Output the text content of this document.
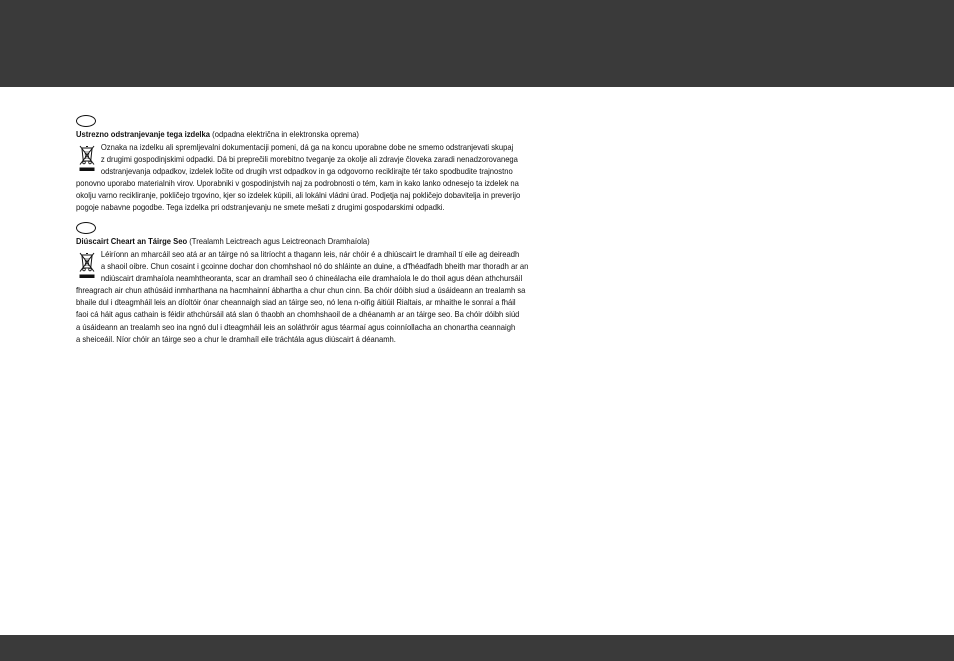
Ustrezno odstranjevanje tega izdelka (odpadna električna in elektronska oprema)
Oznaka na izdelku ali spremljevalni dokumentaciji pomeni, dá ga na koncu uporabne dobe ne smemo odstranjevati skupaj
z drugimi gospodinjskimi odpadki. Dá bi preprečili morebitno tveganje za okolje ali zdravje človeka zaradi nenadzorovanega
odstranjevanja odpadkov, izdelek ločite od drugih vrst odpadkov in ga odgovorno reciklirajte tér tako spodbudite trajnostno
ponovno uporabo materialnih virov. Uporabniki v gospodinjstvih naj za podrobnosti o tém, kam in kako lanko odnesejo ta izdelek na
okolju varno recikliranje, pokličejo trgovino, kjer so izdelek kúpili, ali lokálni vládni úrad. Podjetja naj pokličejo dobavitelja in preverijo
pogoje nabavne pogodbe. Tega izdelka pri odstranjevanju ne smete mešati z drugimi gospodarskimi odpadki.
Diúscairt Cheart an Táirge Seo (Trealamh Leictreach agus Leictreonach Dramhaíola)
Léiríonn an mharcáil seo atá ar an táirge nó sa litríocht a thagann leis, nár chóir é a dhiúscairt le dramhaíl tí eile ag deireadh
a shaoil oibre. Chun cosaint i gcoinne dochar don chomhshaol nó do shláinte an duine, a d'fhéadfadh bheith mar thoradh ar an
ndiúscairt dramhaíola neamhtheoranta, scar an dramhaíl seo ó chineálacha eile dramhaíola le do thoil agus déan athchursáil
fhreagrach air chun athúsáid inmharthana na hacmhainní ábhartha a chur chun cinn. Ba chóir dóibh siud a úsáideann an trealamh sa
bhaile dul i dteagmháil leis an díoltóir ónar cheannaigh siad an táirge seo, nó lena n-oifig áitiúil Rialtais, ar mhaithe le sonraí a fháil
faoi cá háit agus cathain is féidir athchúrsáil atá slan ó thaobh an chomhshaoil de a dhéanamh ar an táirge seo. Ba chóir dóibh siúd
a úsáideann an trealamh seo ina ngnó dul i dteagmháil leis an soláthróir agus téarmaí agus coinníollacha an chonartha ceannaigh
a sheiceáil. Níor chóir an táirge seo a chur le dramhaíl eile tráchtála agus diúscairt á déanamh.
